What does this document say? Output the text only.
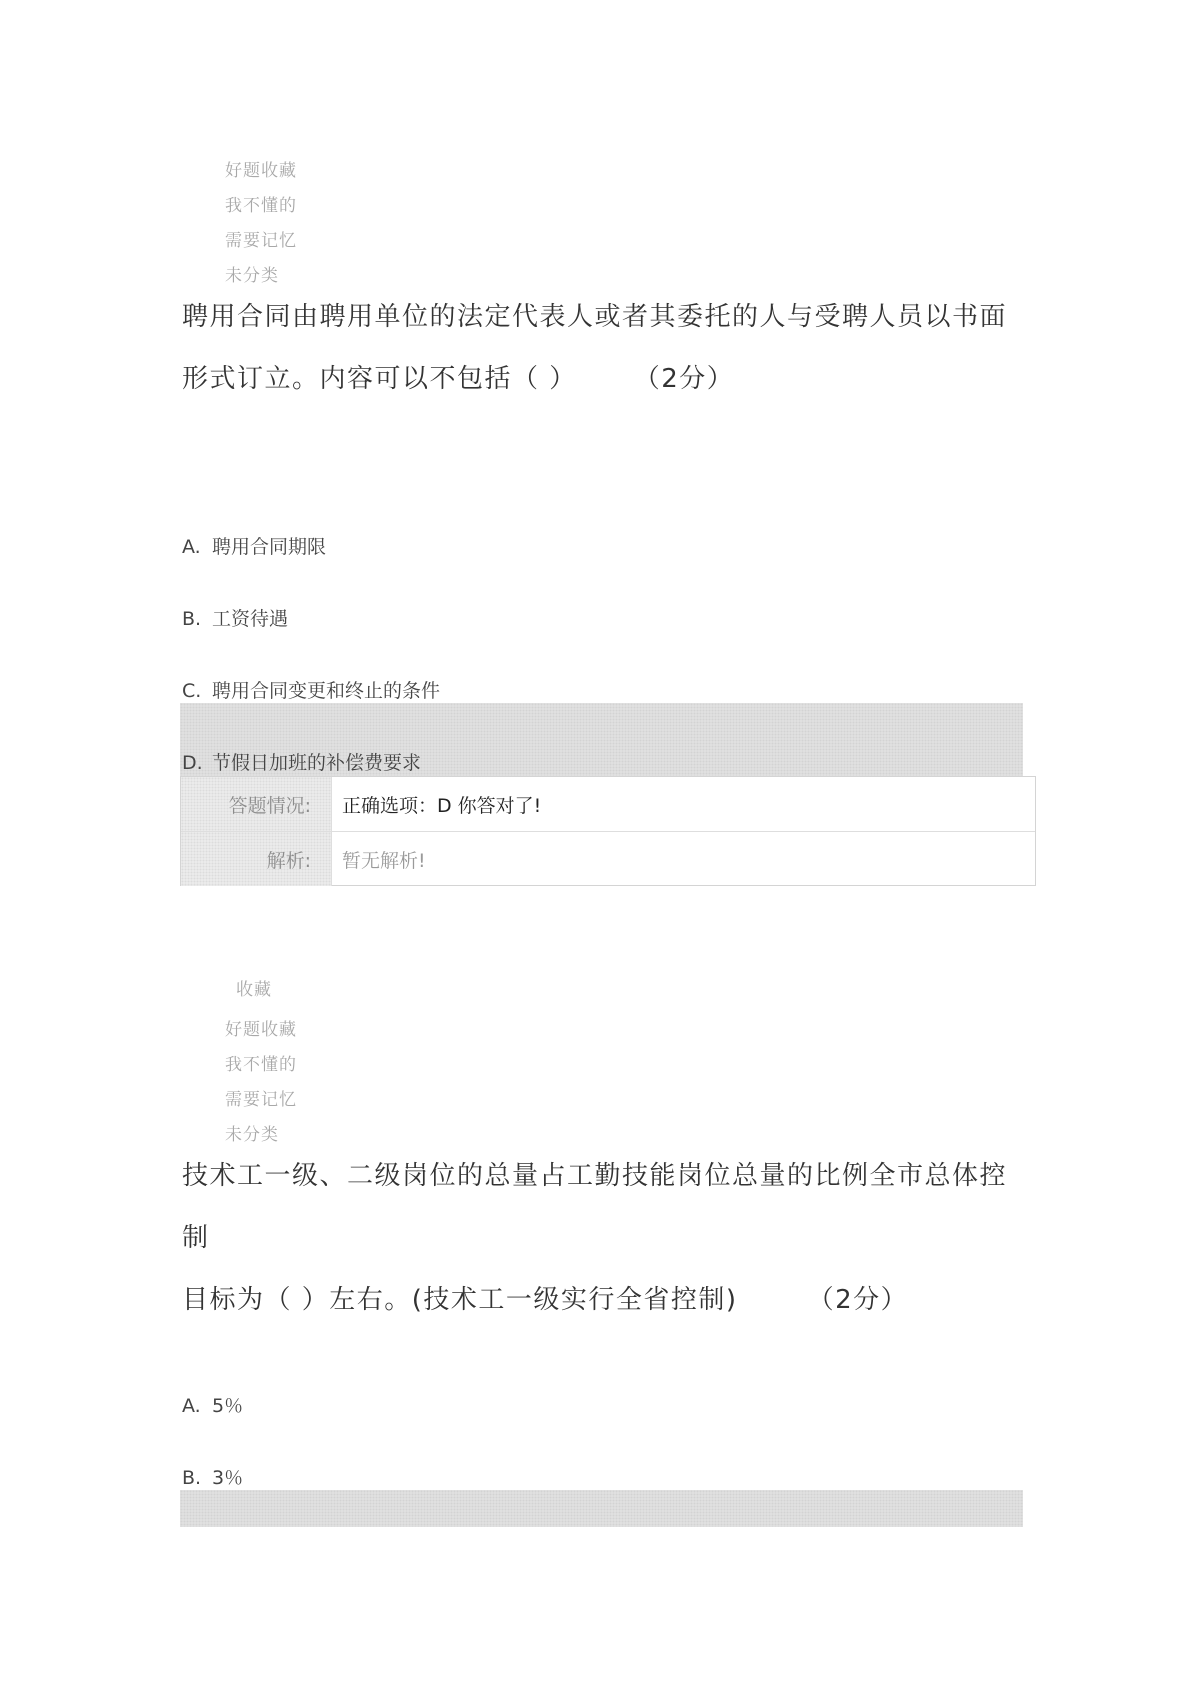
好题收藏
我不懂的
需要记忆
未分类
聘用合同由聘用单位的法定代表人或者其委托的人与受聘人员以书面
形式订立。内容可以不包括（ ）	（2分）
A. 聘用合同期限
B. 工资待遇
C. 聘用合同变更和终止的条件
D. 节假日加班的补偿费要求
答题情况:	正确选项：D 你答对了!
解析:	暂无解析!
收藏
好题收藏
我不懂的
需要记忆
未分类
技术工一级、二级岗位的总量占工勤技能岗位总量的比例全市总体控制
目标为（ ）左右。(技术工一级实行全省控制)	（2分）
A. 5％
B. 3％
